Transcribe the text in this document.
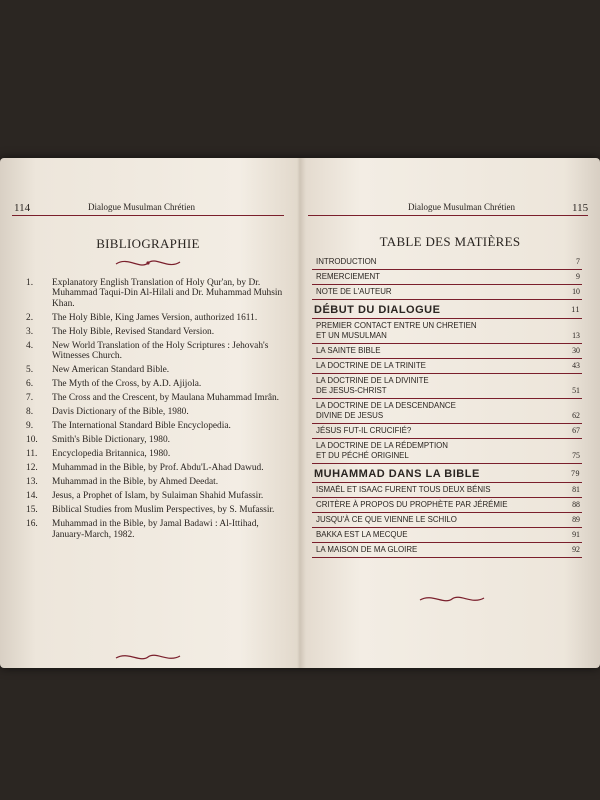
114	Dialogue Musulman Chrétien
BIBLIOGRAPHIE
1. Explanatory English Translation of Holy Qur'an, by Dr. Muhammad Taqui-Din Al-Hilali and Dr. Muhammad Muhsin Khan.
2. The Holy Bible, King James Version, authorized 1611.
3. The Holy Bible, Revised Standard Version.
4. New World Translation of the Holy Scriptures : Jehovah's Witnesses Church.
5. New American Standard Bible.
6. The Myth of the Cross, by A.D. Ajijola.
7. The Cross and the Crescent, by Maulana Muhammad Imrân.
8. Davis Dictionary of the Bible, 1980.
9. The International Standard Bible Encyclopedia.
10. Smith's Bible Dictionary, 1980.
11. Encyclopedia Britannica, 1980.
12. Muhammad in the Bible, by Prof. Abdu'L-Ahad Dawud.
13. Muhammad in the Bible, by Ahmed Deedat.
14. Jesus, a Prophet of Islam, by Sulaiman Shahid Mufassir.
15. Biblical Studies from Muslim Perspectives, by S. Mufassir.
16. Muhammad in the Bible, by Jamal Badawi : Al-Ittihad, January-March, 1982.
Dialogue Musulman Chrétien	115
TABLE DES MATIÈRES
INTRODUCTION	7
REMERCIEMENT	9
NOTE DE L'AUTEUR	10
DÉBUT DU DIALOGUE	11
PREMIER CONTACT ENTRE UN CHRETIEN
ET UN MUSULMAN	13
LA SAINTE BIBLE	30
LA DOCTRINE DE LA TRINITE	43
LA DOCTRINE DE LA DIVINITE
DE JESUS-CHRIST	51
LA DOCTRINE DE LA DESCENDANCE
DIVINE DE JESUS	62
JÉSUS FUT-IL CRUCIFIÉ?	67
LA DOCTRINE DE LA RÉDEMPTION
ET DU PÉCHÉ ORIGINEL	75
MUHAMMAD DANS LA BIBLE	79
ISMAËL ET ISAAC FURENT TOUS DEUX BÉNIS	81
CRITÈRE À PROPOS DU PROPHÈTE PAR JÉRÉMIE	88
JUSQU'À CE QUE VIENNE LE SCHILO	89
BAKKA EST LA MECQUE	91
LA MAISON DE MA GLOIRE	92
